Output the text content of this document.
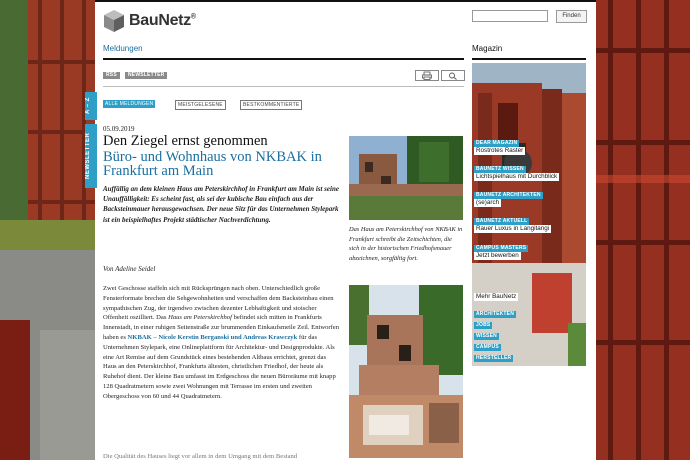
BauNetz®	Finden
Meldungen	Magazin
RSS	NEWSLETTER
A – Z
NEWSLETTER
ALLE MELDUNGEN	MEISTGELESENE	BESTKOMMENTIERTE
05.09.2019
Den Ziegel ernst genommen
Büro- und Wohnhaus von NKBAK in Frankfurt am Main
Auffällig an dem kleinen Haus am Peterskirchhof in Frankfurt am Main ist seine Unauffälligkeit: Es scheint fast, als sei der kubische Bau einfach aus der Backsteinmauer herausgewachsen. Der neue Sitz für das Unternehmen Stylepark ist ein beispielhaftes Projekt städtischer Nachverdichtung.
Von Adeline Seidel
Zwei Geschosse staffeln sich mit Rücksprüngen nach oben. Unterschiedlich große Fensterformate brechen die Sehgewohnheiten und verschaffen dem Backsteinbau einen sympathischen Zug, der irgendwo zwischen dezenter Lebhaftigkeit und stoischer Offenheit oszilliert. Das Haus am Peterskirchhof befindet sich mitten in Frankfurts Innenstadt, in einer ruhigen Seitenstraße zur brummenden Einkaufsmeile Zeil. Entworfen haben es NKBAK – Nicole Kerstin Berganski und Andreas Krawczyk für das Unternehmen Stylepark, eine Onlineplattform für Architektur- und Designprodukte. Als eine Art Remise auf dem Grundstück eines bestehenden Altbaus errichtet, grenzt das Haus an den Peterskirchhof, Frankfurts ältesten, christlichen Friedhof, der heute als Ruhehof dient. Der kleine Bau umfasst im Erdgeschoss die neuen Büroräume mit knapp 128 Quadratmetern sowie zwei Wohnungen mit Terrasse im ersten und zweiten Obergeschoss von 60 und 44 Quadratmetern.
Die Qualität des Hauses liegt vor allem in dem Umgang mit dem Bestand
Das Haus am Peterskirchhof von NKBAK in Frankfurt schreibt die Zeitschichten, die sich in der historischen Friedhofsmauer abzeichnen, sorgfältig fort.
DEAR MAGAZIN
Rostrotes Raster
BAUNETZ WISSEN
Lichtspielhaus mit Durchblick
BAUNETZ ARCHITEKTEN
(se)arch
BAUNETZ AKTUELL
Rauer Luxus in Langitangi
CAMPUS MASTERS
Jetzt bewerben
Mehr BauNetz
ARCHITEKTEN
JOBS
WISSEN
CAMPUS
HERSTELLER
